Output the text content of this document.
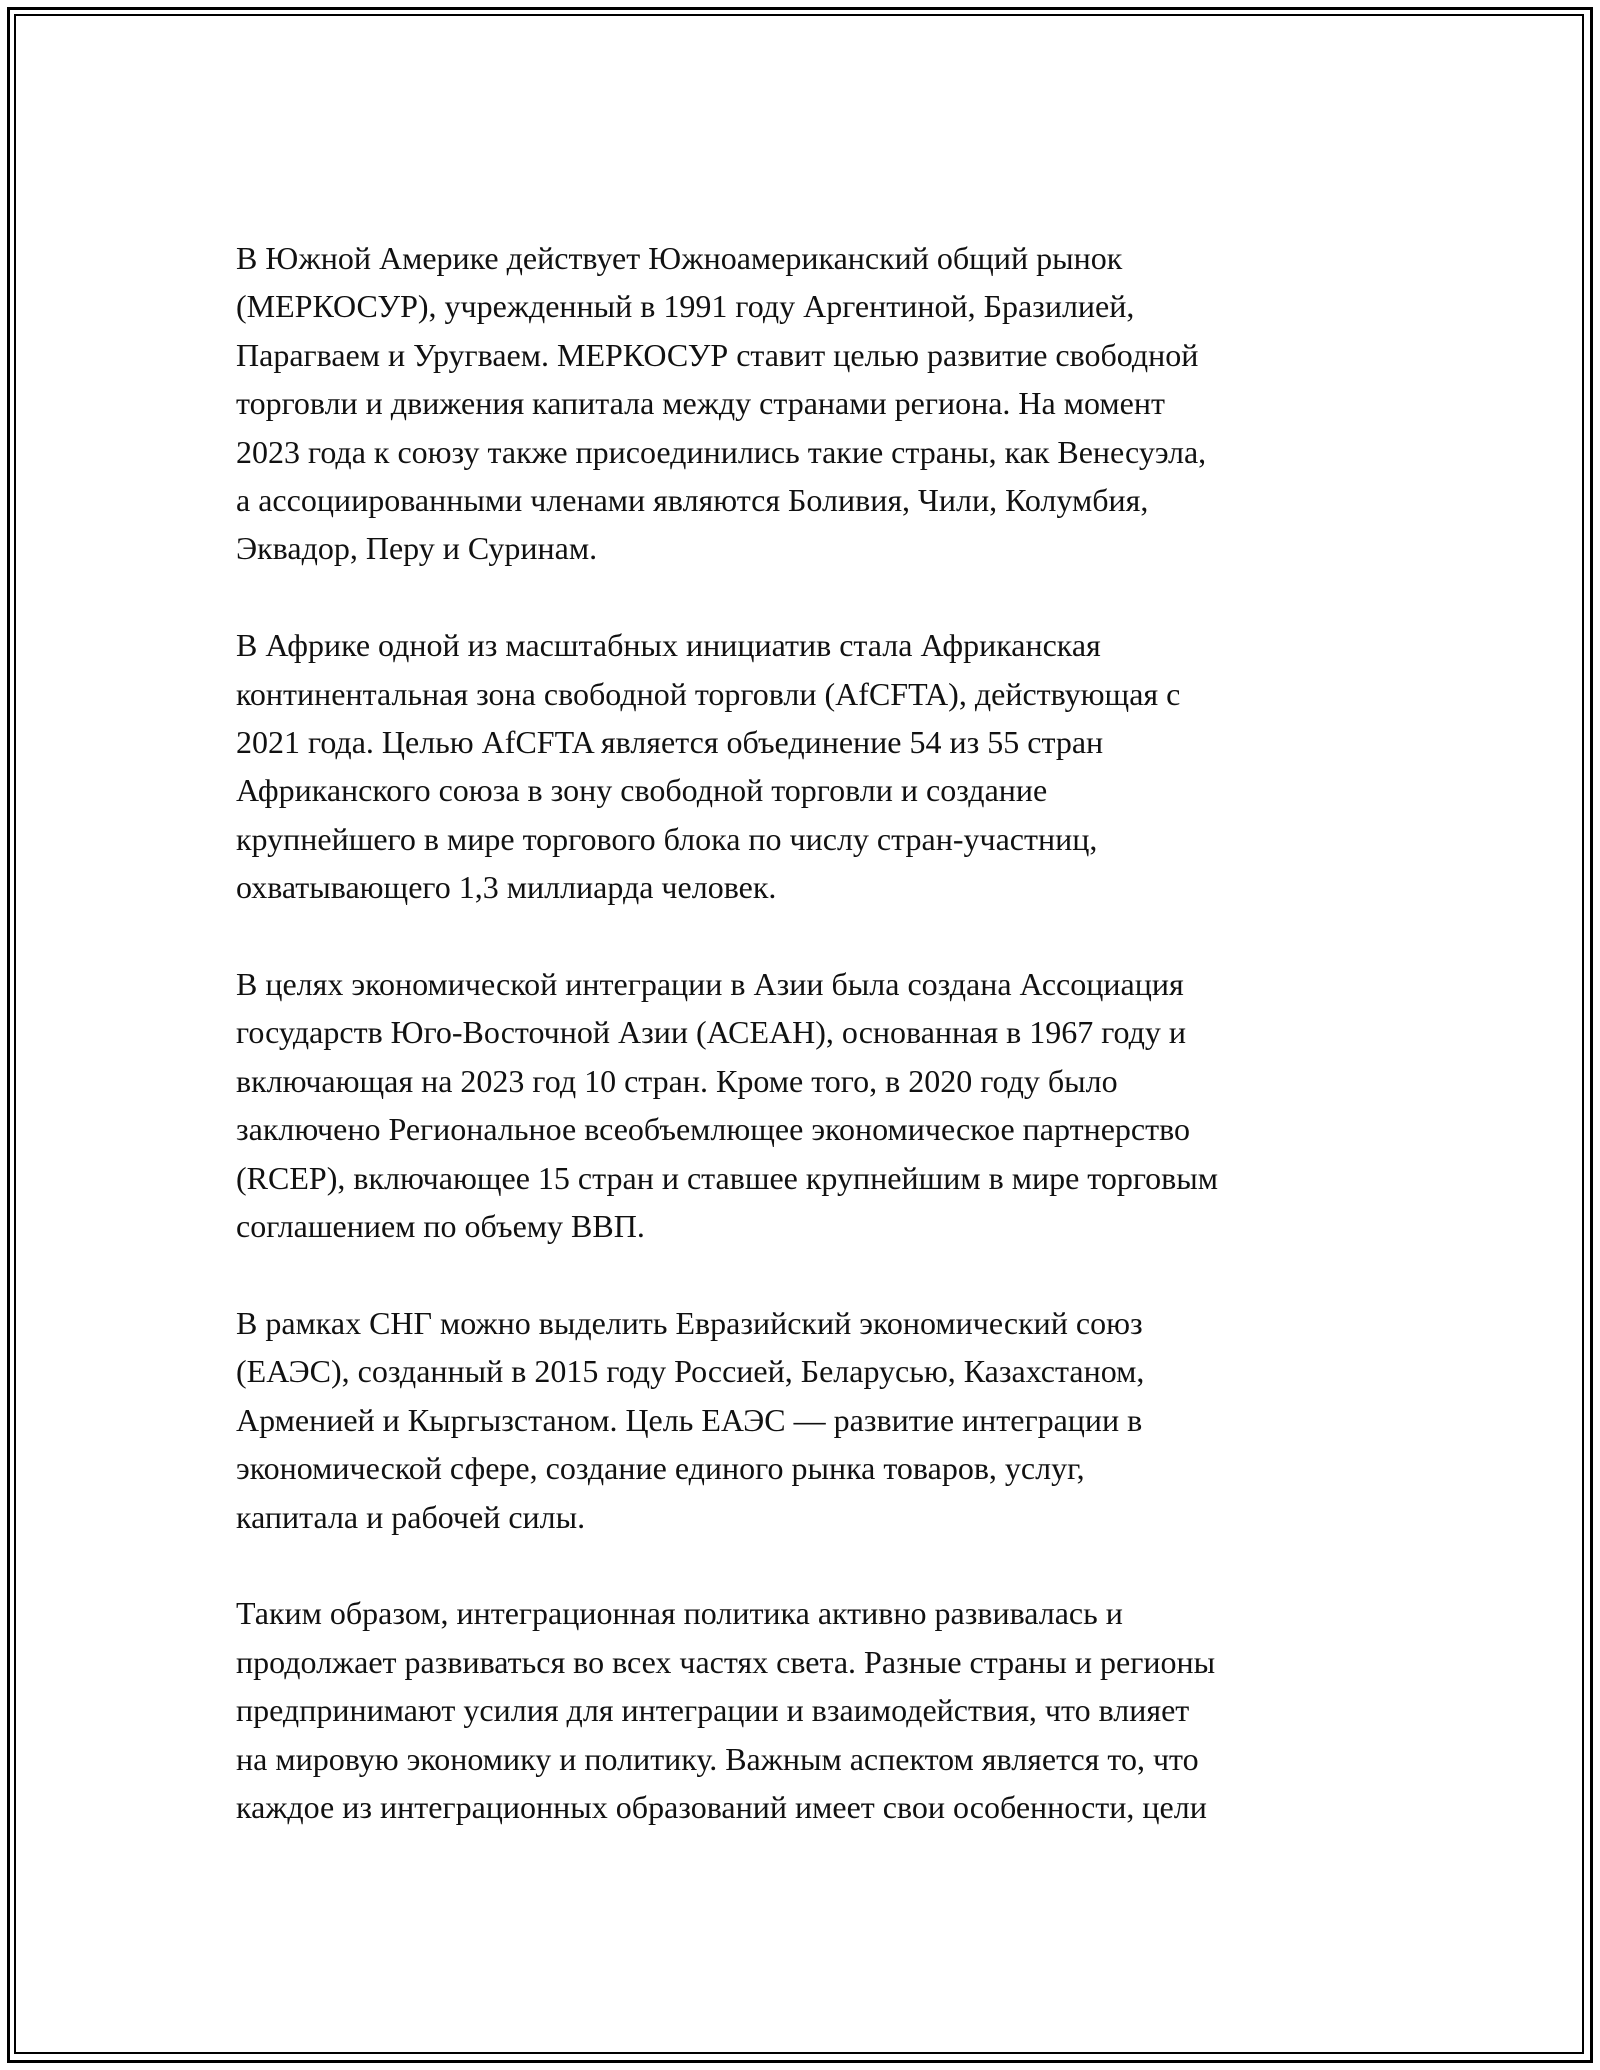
В Южной Америке действует Южноамериканский общий рынок
(МЕРКОСУР), учрежденный в 1991 году Аргентиной, Бразилией,
Парагваем и Уругваем. МЕРКОСУР ставит целью развитие свободной
торговли и движения капитала между странами региона. На момент
2023 года к союзу также присоединились такие страны, как Венесуэла,
а ассоциированными членами являются Боливия, Чили, Колумбия,
Эквадор, Перу и Суринам.

В Африке одной из масштабных инициатив стала Африканская
континентальная зона свободной торговли (AfCFTA), действующая с
2021 года. Целью AfCFTA является объединение 54 из 55 стран
Африканского союза в зону свободной торговли и создание
крупнейшего в мире торгового блока по числу стран-участниц,
охватывающего 1,3 миллиарда человек.

В целях экономической интеграции в Азии была создана Ассоциация
государств Юго-Восточной Азии (АСЕАН), основанная в 1967 году и
включающая на 2023 год 10 стран. Кроме того, в 2020 году было
заключено Региональное всеобъемлющее экономическое партнерство
(RCEP), включающее 15 стран и ставшее крупнейшим в мире торговым
соглашением по объему ВВП.

В рамках СНГ можно выделить Евразийский экономический союз
(ЕАЭС), созданный в 2015 году Россией, Беларусью, Казахстаном,
Арменией и Кыргызстаном. Цель ЕАЭС — развитие интеграции в
экономической сфере, создание единого рынка товаров, услуг,
капитала и рабочей силы.

Таким образом, интеграционная политика активно развивалась и
продолжает развиваться во всех частях света. Разные страны и регионы
предпринимают усилия для интеграции и взаимодействия, что влияет
на мировую экономику и политику. Важным аспектом является то, что
каждое из интеграционных образований имеет свои особенности, цели
